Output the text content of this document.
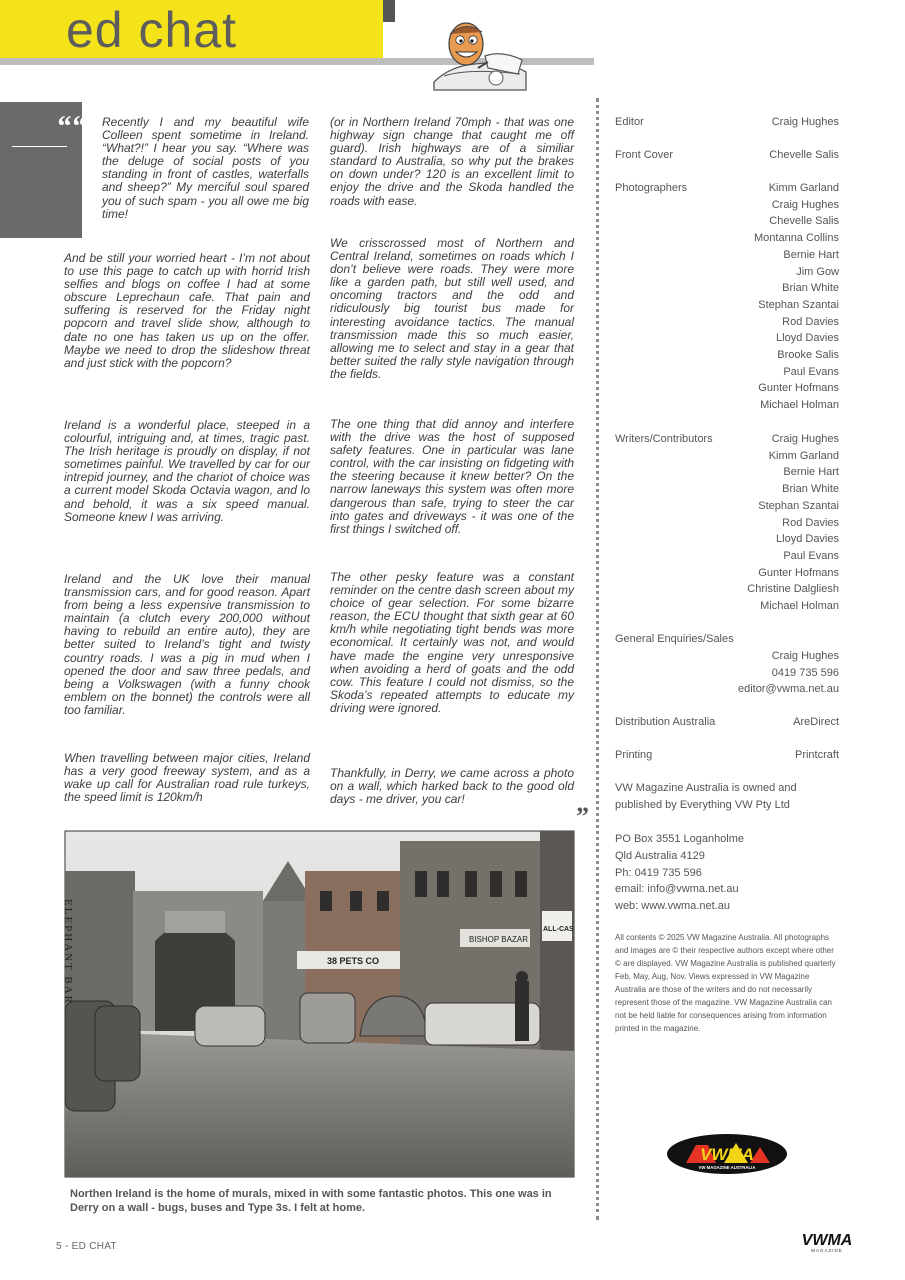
ed chat
““ Recently I and my beautiful wife Colleen spent sometime in Ireland. “What?!” I hear you say. “Where was the deluge of social posts of you standing in front of castles, waterfalls and sheep?” My merciful soul spared you of such spam - you all owe me big time!

And be still your worried heart - I’m not about to use this page to catch up with horrid Irish selfies and blogs on coffee I had at some obscure Leprechaun cafe. That pain and suffering is reserved for the Friday night popcorn and travel slide show, although to date no one has taken us up on the offer. Maybe we need to drop the slideshow threat and just stick with the popcorn?

Ireland is a wonderful place, steeped in a colourful, intriguing and, at times, tragic past. The Irish heritage is proudly on display, if not sometimes painful. We travelled by car for our intrepid journey, and the chariot of choice was a current model Skoda Octavia wagon, and lo and behold, it was a six speed manual. Someone knew I was arriving.

Ireland and the UK love their manual transmission cars, and for good reason. Apart from being a less expensive transmission to maintain (a clutch every 200,000 without having to rebuild an entire auto), they are better suited to Ireland’s tight and twisty country roads. I was a pig in mud when I opened the door and saw three pedals, and being a Volkswagen (with a funny chook emblem on the bonnet) the controls were all too familiar.

When travelling between major cities, Ireland has a very good freeway system, and as a wake up call for Australian road rule turkeys, the speed limit is 120km/h

(or in Northern Ireland 70mph - that was one highway sign change that caught me off guard). Irish highways are of a similiar standard to Australia, so why put the brakes on down under? 120 is an excellent limit to enjoy the drive and the Skoda handled the roads with ease.

We crisscrossed most of Northern and Central Ireland, sometimes on roads which I don’t believe were roads. They were more like a garden path, but still well used, and oncoming tractors and the odd and ridiculously big tourist bus made for interesting avoidance tactics. The manual transmission made this so much easier, allowing me to select and stay in a gear that better suited the rally style navigation through the fields.

The one thing that did annoy and interfere with the drive was the host of supposed safety features. One in particular was lane control, with the car insisting on fidgeting with the steering because it knew better? On the narrow laneways this system was often more dangerous than safe, trying to steer the car into gates and driveways - it was one of the first things I switched off.

The other pesky feature was a constant reminder on the centre dash screen about my choice of gear selection. For some bizarre reason, the ECU thought that sixth gear at 60 km/h while negotiating tight bends was more economical. It certainly was not, and would have made the engine very unresponsive when avoiding a herd of goats and the odd cow. This feature I could not dismiss, so the Skoda’s repeated attempts to educate my driving were ignored.

Thankfully, in Derry, we came across a photo on a wall, which harked back to the good old days - me driver, you car!

”
ELEPHANT BAR	38 PETS CO
BISHOP BAZAR
ALL-CAS

Northen Ireland is the home of murals, mixed in with some fantastic photos. This one was in Derry on a wall - bugs, buses and Type 3s. I felt at home.

Editor	Craig Hughes
Front Cover	Chevelle Salis
Photographers	Kimm Garland
Craig Hughes
Chevelle Salis
Montanna Collins
Bernie Hart
Jim Gow
Brian White
Stephan Szantai
Rod Davies
Lloyd Davies
Brooke Salis
Paul Evans
Gunter Hofmans
Michael Holman
Writers/Contributors	Craig Hughes
Kimm Garland
Bernie Hart
Brian White
Stephan Szantai
Rod Davies
Lloyd Davies
Paul Evans
Gunter Hofmans
Christine Dalgliesh
Michael Holman
General Enquiries/Sales
Craig Hughes
0419 735 596
editor@vwma.net.au
Distribution Australia	AreDirect
Printing	Printcraft

VW Magazine Australia is owned and published by Everything VW Pty Ltd

PO Box 3551 Loganholme
Qld Australia 4129
Ph: 0419 735 596
email: info@vwma.net.au
web: www.vwma.net.au

All contents © 2025 VW Magazine Australia. All photographs and images are © their respective authors except where other © are displayed. VW Magazine Australia is published quarterly Feb, May, Aug, Nov. Views expressed in VW Magazine Australia are those of the writers and do not necessarily represent those of the magazine. VW Magazine Australia can not be held liable for consequences arising from information printed in the magazine.

VWMA
VW MAGAZINE AUSTRALIA
5 - ED CHAT	VWMA
MAGAZINE
